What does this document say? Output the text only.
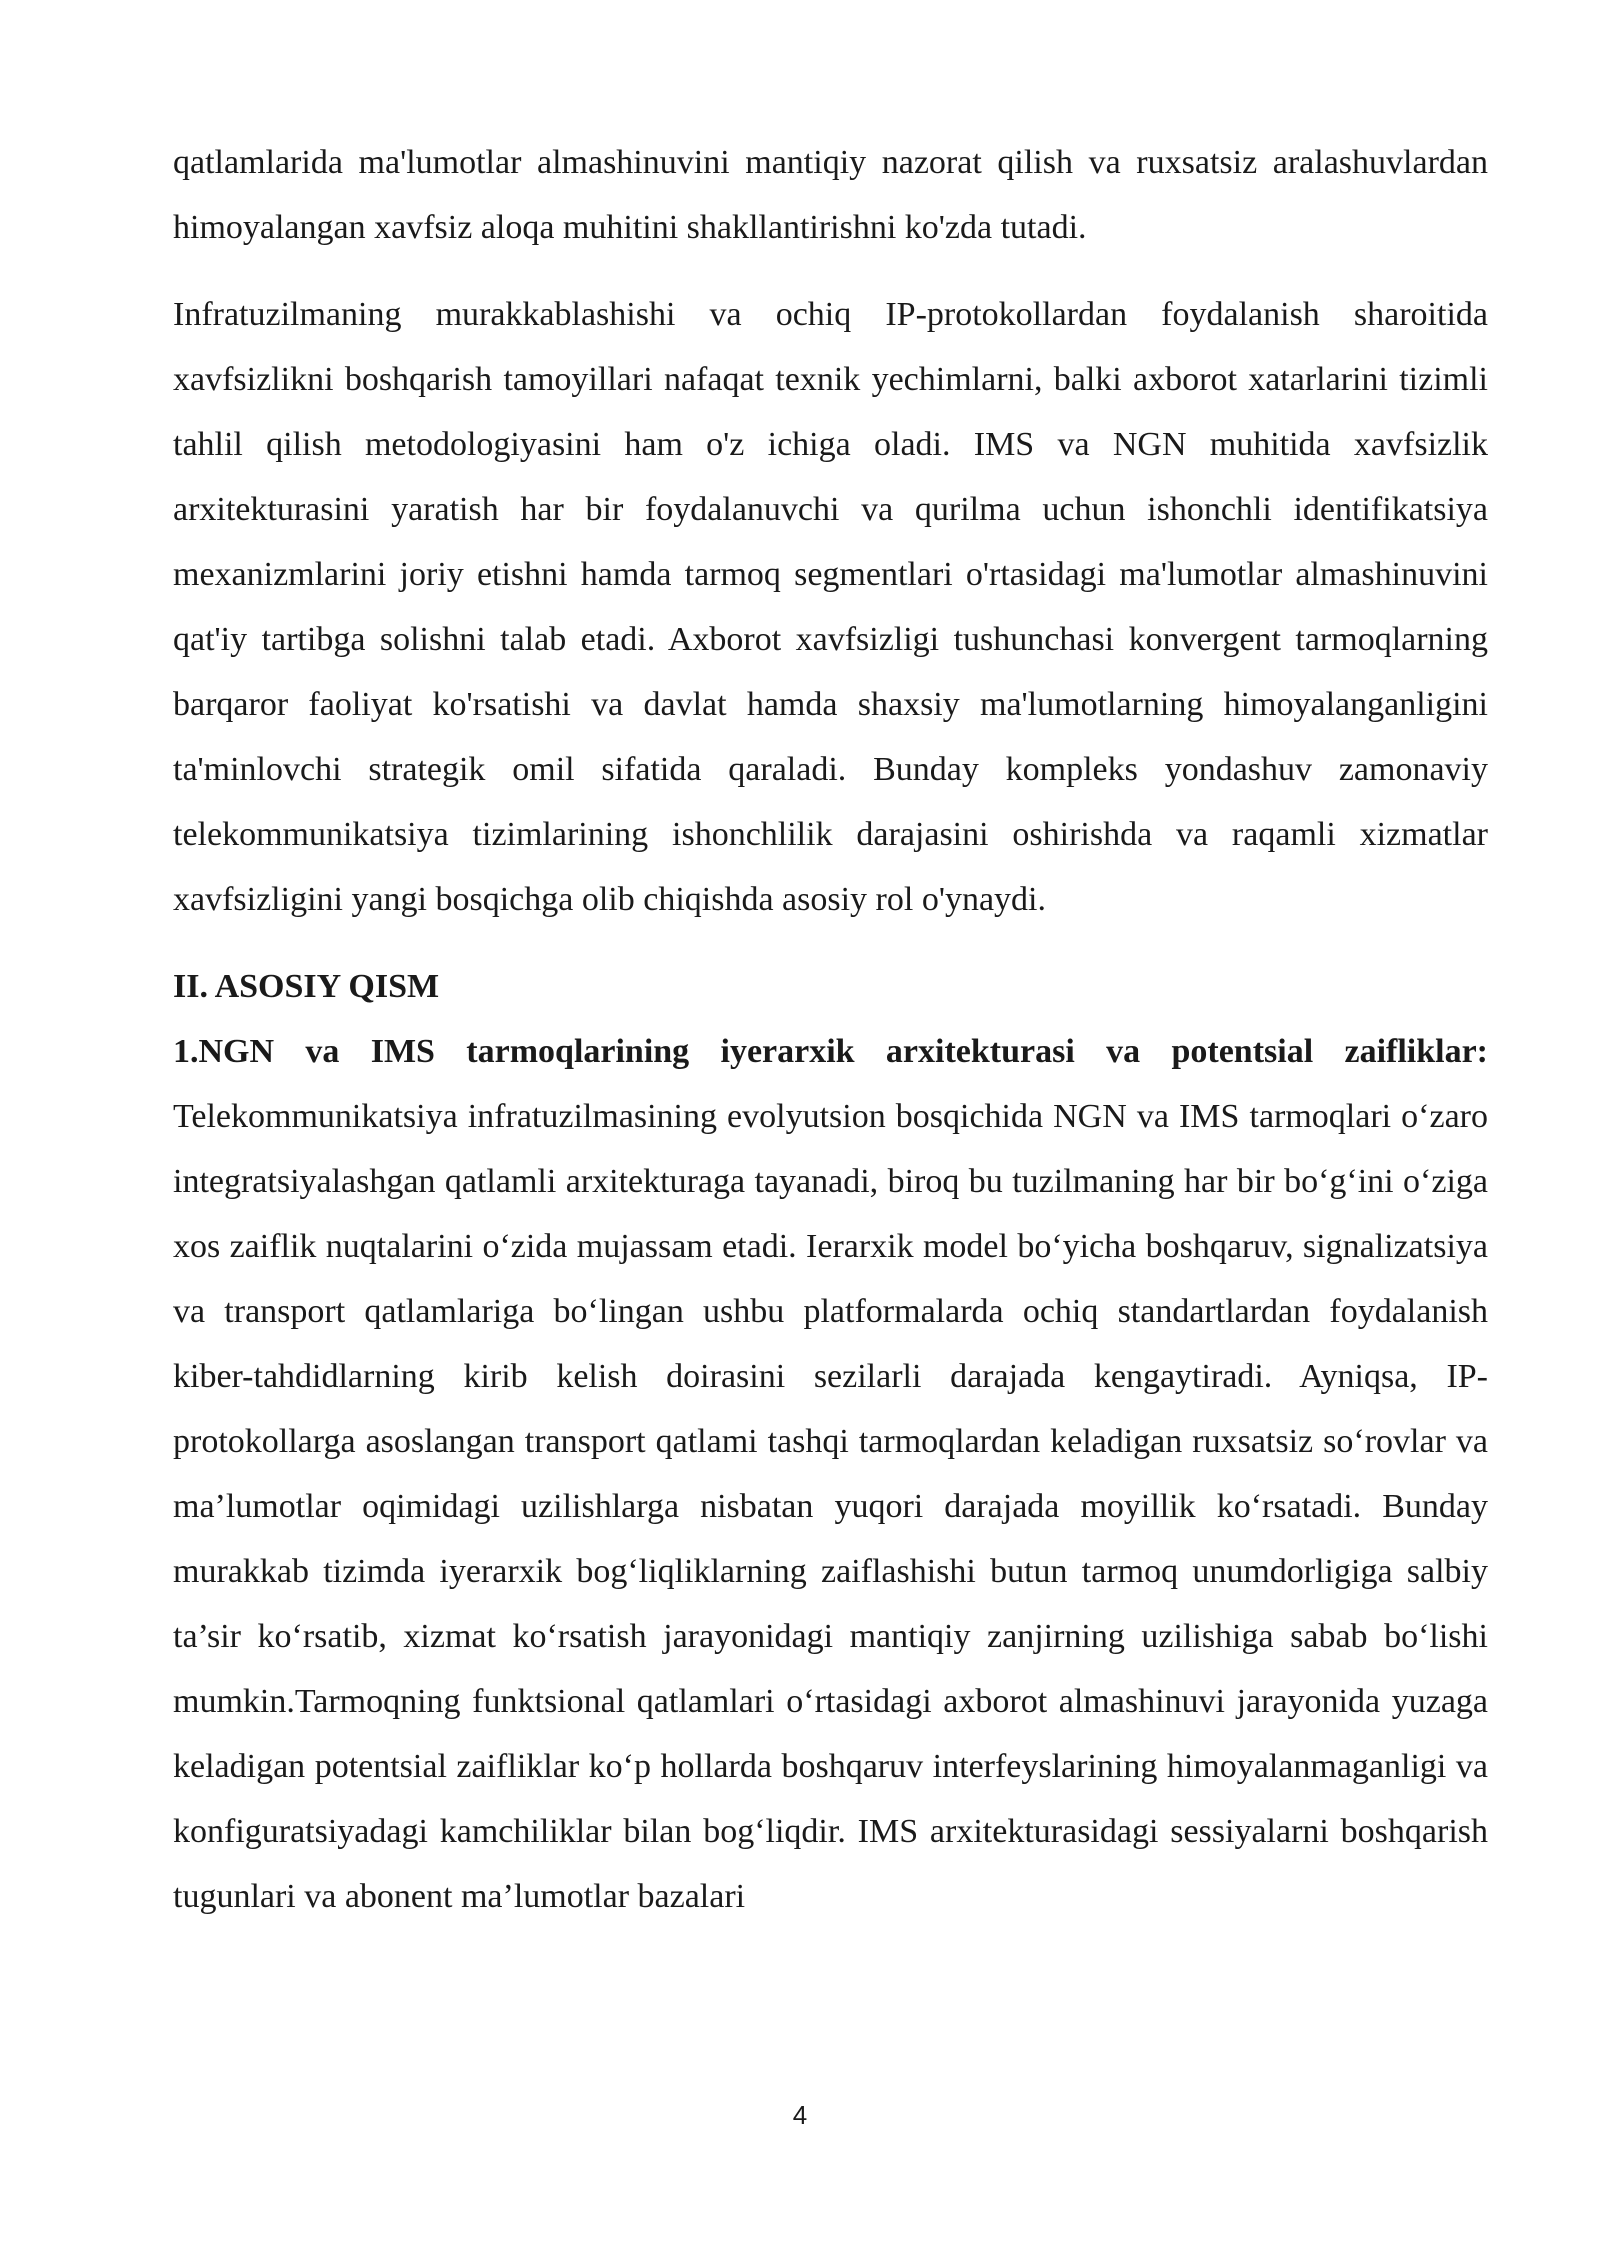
qatlamlarida ma'lumotlar almashinuvini mantiqiy nazorat qilish va ruxsatsiz aralashuvlardan himoyalangan xavfsiz aloqa muhitini shakllantirishni ko'zda tutadi.

Infratuzilmaning murakkablashishi va ochiq IP-protokollardan foydalanish sharoitida xavfsizlikni boshqarish tamoyillari nafaqat texnik yechimlarni, balki axborot xatarlarini tizimli tahlil qilish metodologiyasini ham o'z ichiga oladi. IMS va NGN muhitida xavfsizlik arxitekturasini yaratish har bir foydalanuvchi va qurilma uchun ishonchli identifikatsiya mexanizmlarini joriy etishni hamda tarmoq segmentlari o'rtasidagi ma'lumotlar almashinuvini qat'iy tartibga solishni talab etadi. Axborot xavfsizligi tushunchasi konvergent tarmoqlarning barqaror faoliyat ko'rsatishi va davlat hamda shaxsiy ma'lumotlarning himoyalanganligini ta'minlovchi strategik omil sifatida qaraladi. Bunday kompleks yondashuv zamonaviy telekommunikatsiya tizimlarining ishonchlilik darajasini oshirishda va raqamli xizmatlar xavfsizligini yangi bosqichga olib chiqishda asosiy rol o'ynaydi.

II. ASOSIY QISM

1.NGN va IMS tarmoqlarining iyerarxik arxitekturasi va potentsial zaifliklar:

Telekommunikatsiya infratuzilmasining evolyutsion bosqichida NGN va IMS tarmoqlari o‘zaro integratsiyalashgan qatlamli arxitekturaga tayanadi, biroq bu tuzilmaning har bir bo‘g‘ini o‘ziga xos zaiflik nuqtalarini o‘zida mujassam etadi. Ierarxik model bo‘yicha boshqaruv, signalizatsiya va transport qatlamlariga bo‘lingan ushbu platformalarda ochiq standartlardan foydalanish kiber-tahdidlarning kirib kelish doirasini sezilarli darajada kengaytiradi. Ayniqsa, IP-protokollarga asoslangan transport qatlami tashqi tarmoqlardan keladigan ruxsatsiz so‘rovlar va ma’lumotlar oqimidagi uzilishlarga nisbatan yuqori darajada moyillik ko‘rsatadi. Bunday murakkab tizimda iyerarxik bog‘liqliklarning zaiflashishi butun tarmoq unumdorligiga salbiy ta’sir ko‘rsatib, xizmat ko‘rsatish jarayonidagi mantiqiy zanjirning uzilishiga sabab bo‘lishi mumkin.Tarmoqning funktsional qatlamlari o‘rtasidagi axborot almashinuvi jarayonida yuzaga keladigan potentsial zaifliklar ko‘p hollarda boshqaruv interfeyslarining himoyalanmaganligi va konfiguratsiyadagi kamchiliklar bilan bog‘liqdir. IMS arxitekturasidagi sessiyalarni boshqarish tugunlari va abonent ma’lumotlar bazalari

4
